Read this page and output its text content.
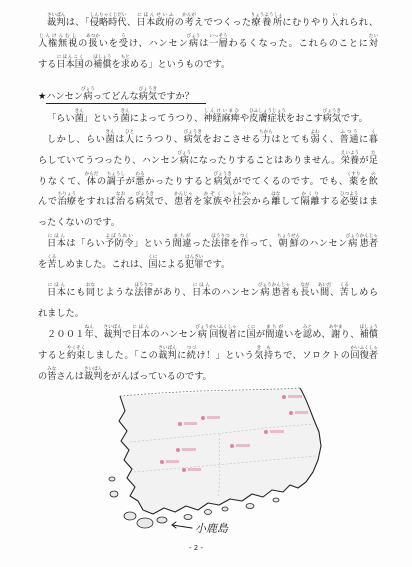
裁判さいばんは、「侵略時代しんりゃくじだい、日本政府にほんせいふの考かんがえでつくった療養所りょうようしょにむりやり入いれられ、
人権無視じんけんむしの扱あつかいを受うけ、ハンセン病びょうは一層いっそうわるくなった。これらのことに対たい
する日本国にほんこくの補償ほしょうを求もとめる」というものです。
★ハンセン病びょうってどんな病気びょうきですか？
「らい菌きん」という菌きんによってうつり、神経麻痺しんけいまひや皮膚症状ひふしょうじょうをおこす病気びょうきです。
しかし、らい菌きんは人ひとにうつり、病気びょうきをおこさせる力ちからはとても弱よわく、普通ふつうに暮く
らしていてうつったり、ハンセン病びょうになったりすることはありません。栄養えいようが足た
りなくて、体からだの調子ちょうしが悪わるかったりすると病気びょうきがでてくるのです。でも、薬くすりを飲の
んで治療ちりょうをすれば治なおる病気びょうきで、患者かんじゃを家族かぞくや社会しゃかいから離はなして隔離かくりする必要ひつようはま
ったくないのです。
日本にほんは「らい予防令よぼうれい」という間違まちがった法律ほうりつを作つくって、朝鮮ちょうせんのハンセン病びょう患者かんじゃ
を苦くるしめました。これは、国くにによる犯罪はんざいです。
日本にほんにも同おなじような法律ほうりつがあり、日本にほんのハンセン病びょう患者かんじゃも長ながい間あいだ、苦くるしめら
れました。
２００１年ねん、裁判さいばんで日本にほんのハンセン病びょう回復者かいふくしゃに国くにが間違まちがいを認みとめ、謝あやまり、補償ほしょう
すると約束やくそくしました。「この裁判さいばんに続つづけ！」という気持きもちで、ソロクトの回復者かいふくしゃ
の皆みなさんは裁判さいばんをがんばっているのです。
小鹿島
- 2 -
